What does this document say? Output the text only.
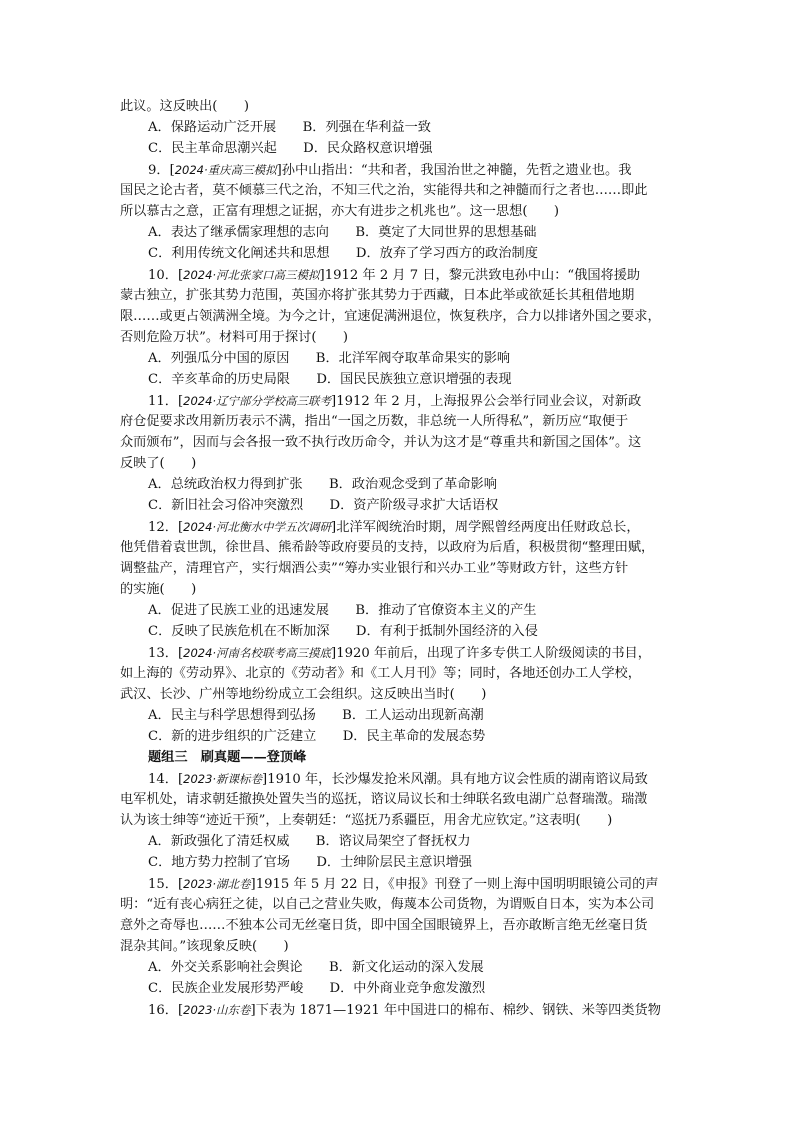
此议。这反映出(　　)
A．保路运动广泛开展　　B．列强在华利益一致
C．民主革命思潮兴起　　D．民众路权意识增强
9．[2024·重庆高三模拟]孙中山指出：“共和者，我国治世之神髓，先哲之遗业也。我
国民之论古者，莫不倾慕三代之治，不知三代之治，实能得共和之神髓而行之者也……即此
所以慕古之意，正富有理想之证据，亦大有进步之机兆也”。这一思想(　　)
A．表达了继承儒家理想的志向　　B．奠定了大同世界的思想基础
C．利用传统文化阐述共和思想　　D．放弃了学习西方的政治制度
10．[2024·河北张家口高三模拟]1912 年 2 月 7 日，黎元洪致电孙中山：“俄国将援助
蒙古独立，扩张其势力范围，英国亦将扩张其势力于西藏，日本此举或欲延长其租借地期
限……或更占领满洲全境。为今之计，宜速促满洲退位，恢复秩序，合力以排诸外国之要求，
否则危险万状”。材料可用于探讨(　　)
A．列强瓜分中国的原因　　B．北洋军阀夺取革命果实的影响
C．辛亥革命的历史局限　　D．国民民族独立意识增强的表现
11．[2024·辽宁部分学校高三联考]1912 年 2 月，上海报界公会举行同业会议，对新政
府仓促要求改用新历表示不满，指出“一国之历数，非总统一人所得私”，新历应“取便于
众而颁布”，因而与会各报一致不执行改历命令，并认为这才是“尊重共和新国之国体”。这
反映了(　　)
A．总统政治权力得到扩张　　B．政治观念受到了革命影响
C．新旧社会习俗冲突激烈　　D．资产阶级寻求扩大话语权
12．[2024·河北衡水中学五次调研]北洋军阀统治时期，周学熙曾经两度出任财政总长，
他凭借着袁世凯，徐世昌、熊希龄等政府要员的支持，以政府为后盾，积极贯彻“整理田赋，
调整盐产，清理官产，实行烟酒公卖”“筹办实业银行和兴办工业”等财政方针，这些方针
的实施(　　)
A．促进了民族工业的迅速发展　　B．推动了官僚资本主义的产生
C．反映了民族危机在不断加深　　D．有利于抵制外国经济的入侵
13．[2024·河南名校联考高三摸底]1920 年前后，出现了许多专供工人阶级阅读的书目，
如上海的《劳动界》、北京的《劳动者》和《工人月刊》等；同时，各地还创办工人学校，
武汉、长沙、广州等地纷纷成立工会组织。这反映出当时(　　)
A．民主与科学思想得到弘扬　　B．工人运动出现新高潮
C．新的进步组织的广泛建立　　D．民主革命的发展态势
题组三　刷真题——登顶峰
14．[2023·新课标卷]1910 年，长沙爆发抢米风潮。具有地方议会性质的湖南谘议局致
电军机处，请求朝廷撤换处置失当的巡抚，谘议局议长和士绅联名致电湖广总督瑞澂。瑞澂
认为该士绅等“迹近干预”，上奏朝廷：“巡抚乃系疆臣，用舍尤应钦定。”这表明(　　)
A．新政强化了清廷权威　　B．谘议局架空了督抚权力
C．地方势力控制了官场　　D．士绅阶层民主意识增强
15．[2023·湖北卷]1915 年 5 月 22 日，《申报》刊登了一则上海中国明明眼镜公司的声
明：“近有丧心病狂之徒，以自己之营业失败，侮蔑本公司货物，为谓贩自日本，实为本公司
意外之奇辱也……不独本公司无丝毫日货，即中国全国眼镜界上，吾亦敢断言绝无丝毫日货
混杂其间。”该现象反映(　　)
A．外交关系影响社会舆论　　B．新文化运动的深入发展
C．民族企业发展形势严峻　　D．中外商业竞争愈发激烈
16．[2023·山东卷]下表为 1871—1921 年中国进口的棉布、棉纱、钢铁、米等四类货物
